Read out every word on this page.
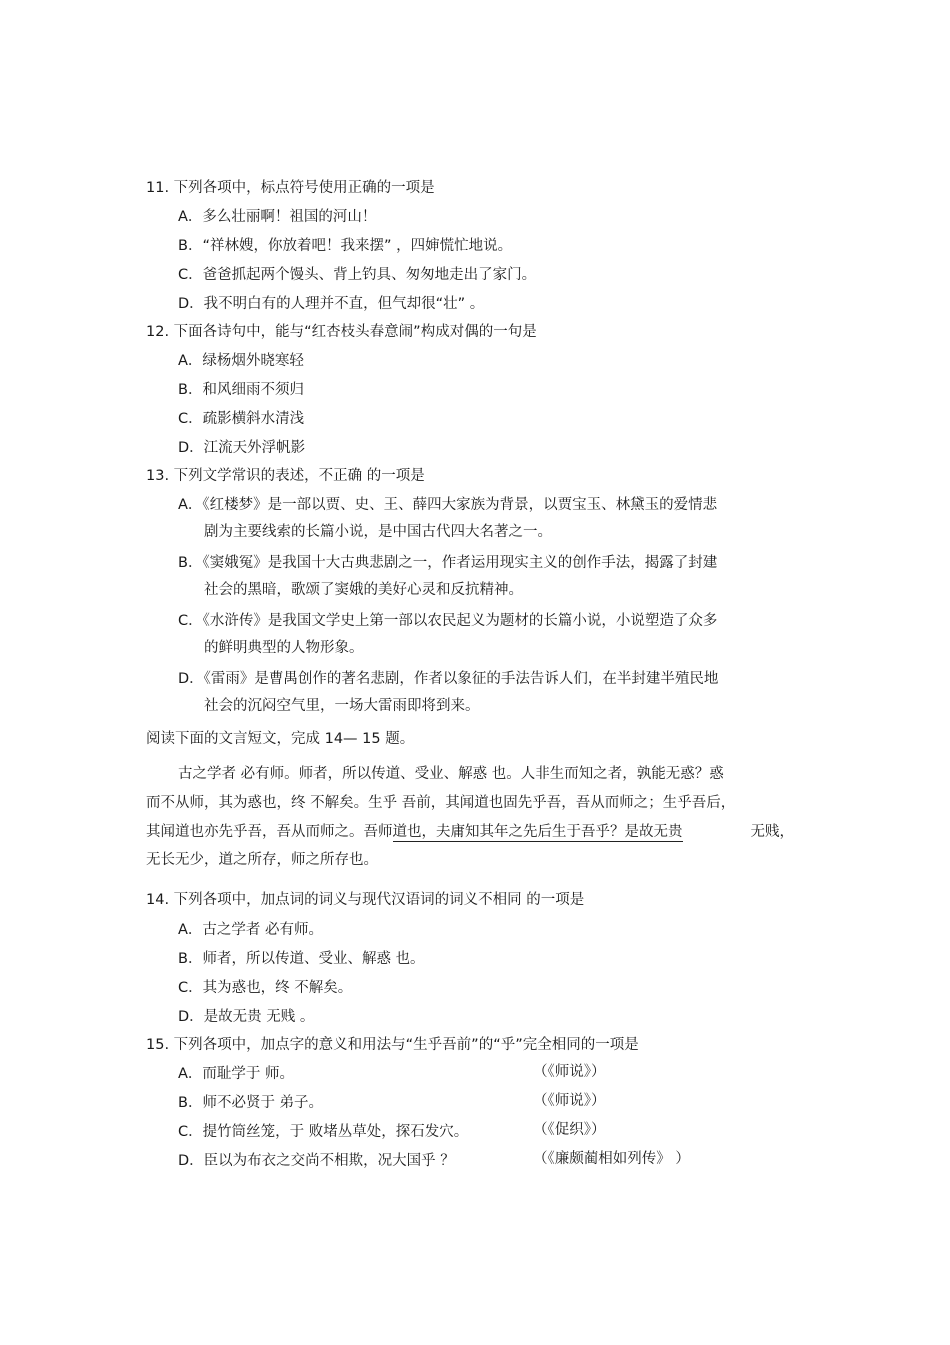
11. 下列各项中，标点符号使用正确的一项是
A．多么壮丽啊！祖国的河山！
B．“祥林嫂，你放着吧！我来摆” ，四婶慌忙地说。
C．爸爸抓起两个馒头、背上钓具、匆匆地走出了家门。
D．我不明白有的人理并不直，但气却很“壮” 。
12. 下面各诗句中，能与“红杏枝头春意闹”构成对偶的一句是
A．绿杨烟外晓寒轻
B．和风细雨不须归
C．疏影横斜水清浅
D．江流天外浮帆影
13. 下列文学常识的表述，不正确 的一项是
A．《红楼梦》是一部以贾、史、王、薛四大家族为背景，以贾宝玉、林黛玉的爱情悲
剧为主要线索的长篇小说，是中国古代四大名著之一。
B．《窦娥冤》是我国十大古典悲剧之一，作者运用现实主义的创作手法，揭露了封建
社会的黑暗，歌颂了窦娥的美好心灵和反抗精神。
C．《水浒传》是我国文学史上第一部以农民起义为题材的长篇小说，小说塑造了众多
的鲜明典型的人物形象。
D．《雷雨》是曹禺创作的著名悲剧，作者以象征的手法告诉人们，在半封建半殖民地
社会的沉闷空气里，一场大雷雨即将到来。
阅读下面的文言短文，完成 14— 15 题。
古之学者 必有师。师者，所以传道、受业、解惑 也。人非生而知之者，孰能无惑？惑
而不从师，其为惑也，终 不解矣。生乎 吾前，其闻道也固先乎吾，吾从而师之；生乎吾后，
其闻道也亦先乎吾，吾从而师之。吾师道也，夫庸知其年之先后生于吾乎？是故无贵	无贱，
无长无少，道之所存，师之所存也。
14. 下列各项中，加点词的词义与现代汉语词的词义不相同 的一项是
A．古之学者 必有师。
B．师者，所以传道、受业、解惑 也。
C．其为惑也，终 不解矣。
D．是故无贵 无贱 。
15. 下列各项中，加点字的意义和用法与“生乎吾前”的“乎”完全相同的一项是
A．而耻学于 师。	（《师说》）
B．师不必贤于 弟子。	（《师说》）
C．提竹筒丝笼，于 败堵丛草处，探石发穴。	（《促织》）
D．臣以为布衣之交尚不相欺，况大国乎 ？	（《廉颇蔺相如列传》 ）
